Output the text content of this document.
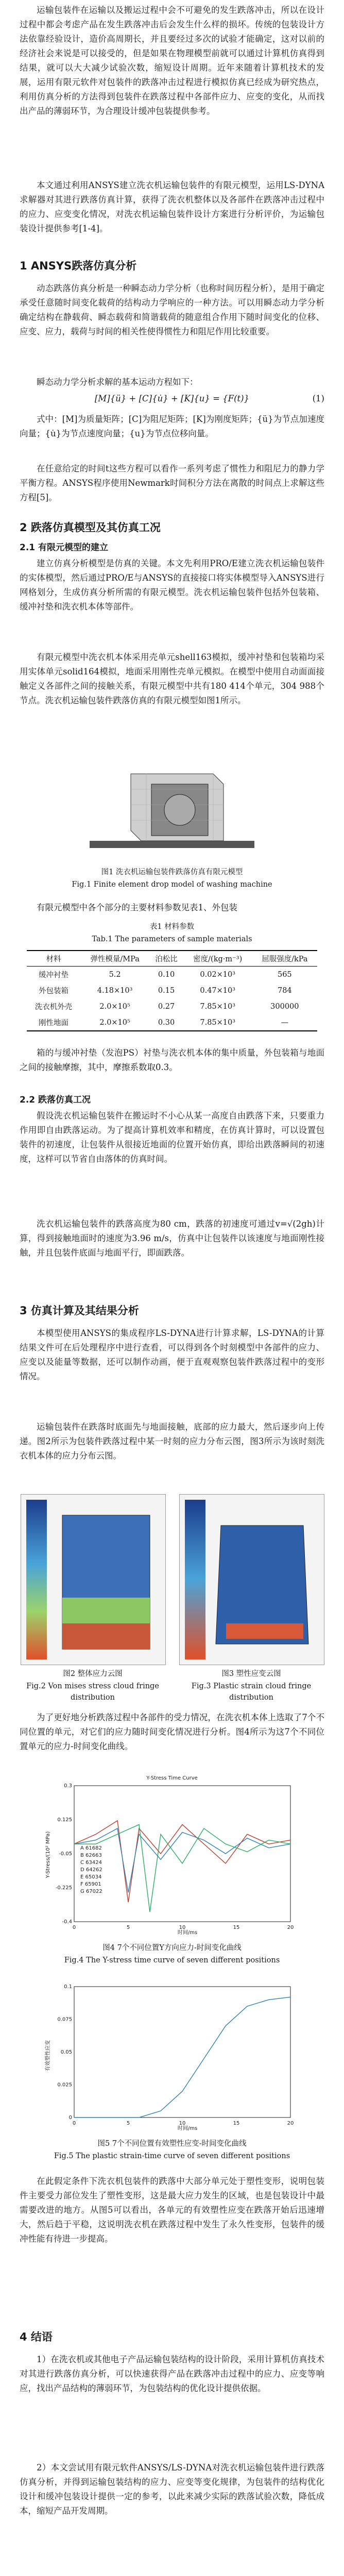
运输包装件在运输以及搬运过程中会不可避免的发生跌落冲击，所以在设计过程中都会考虑产品在发生跌落冲击后会发生什么样的损坏。传统的包装设计方法依靠经验设计，造价高周期长，并且要经过多次的试验才能确定，这对以前的经济社会来说是可以接受的，但是如果在物理模型前就可以通过计算机仿真得到结果，就可以大大减少试验次数，缩短设计周期。近年来随着计算机技术的发展，运用有限元软件对包装件的跌落冲击过程进行模拟仿真已经成为研究热点，利用仿真分析的方法得到包装件在跌落过程中各部件应力、应变的变化，从而找出产品的薄弱环节，为合理设计缓冲包装提供参考。

本文通过利用ANSYS建立洗衣机运输包装件的有限元模型，运用LS-DYNA求解器对其进行跌落仿真计算，获得了洗衣机整体以及各部件在跌落冲击过程中的应力、应变变化情况，对洗衣机运输包装件设计方案进行分析评价，为运输包装设计提供参考[1-4]。

1 ANSYS跌落仿真分析

动态跌落仿真分析是一种瞬态动力学分析（也称时间历程分析），是用于确定承受任意随时间变化载荷的结构动力学响应的一种方法。可以用瞬态动力学分析确定结构在静载荷、瞬态载荷和简谐载荷的随意组合作用下随时间变化的位移、应变、应力，载荷与时间的相关性使得惯性力和阻尼作用比较重要。

瞬态动力学分析求解的基本运动方程如下：

[M]{ü} + [C]{u̇} + [K]{u} = {F(t)}	(1)

式中：[M]为质量矩阵；[C]为阻尼矩阵；[K]为刚度矩阵；{ü}为节点加速度向量；{u̇}为节点速度向量；{u}为节点位移向量。

在任意给定的时间t这些方程可以看作一系列考虑了惯性力和阻尼力的静力学平衡方程。ANSYS程序使用Newmark时间积分方法在离散的时间点上求解这些方程[5]。

2 跌落仿真模型及其仿真工况
2.1 有限元模型的建立

建立仿真分析模型是仿真的关键。本文先利用PRO/E建立洗衣机运输包装件的实体模型，然后通过PRO/E与ANSYS的直接接口将实体模型导入ANSYS进行网格划分，生成仿真分析所需的有限元模型。洗衣机运输包装件包括外包装箱、缓冲衬垫和洗衣机本体等部件。

有限元模型中洗衣机本体采用壳单元shell163模拟，缓冲衬垫和包装箱均采用实体单元solid164模拟，地面采用刚性壳单元模拟。在模型中使用自动面面接触定义各部件之间的接触关系，有限元模型中共有180 414个单元，304 988个节点。洗衣机运输包装件跌落仿真的有限元模型如图1所示。

图1 洗衣机运输包装件跌落仿真有限元模型

Fig.1 Finite element drop model of washing machine

有限元模型中各个部分的主要材料参数见表1、外包装

表1 材料参数

Tab.1 The parameters of sample materials

材料	弹性模量/MPa	泊松比	密度/(kg·m⁻³)	屈服强度/kPa
缓冲衬垫	5.2	0.10	0.02×10³	565
外包装箱	4.18×10³	0.15	0.47×10³	784
洗衣机外壳	2.0×10⁵	0.27	7.85×10³	300000
刚性地面	2.0×10⁵	0.30	7.85×10³	—

箱的与缓冲衬垫（发泡PS）衬垫与洗衣机本体的集中质量，外包装箱与地面之间的接触摩擦，其中，摩擦系数取0.3。

2.2 跌落仿真工况

假设洗衣机运输包装件在搬运时不小心从某一高度自由跌落下来，只要重力作用即自由跌落运动。为了提高计算机效率和精度，在仿真计算时，可以设置包装件的初速度，让包装件从很接近地面的位置开始仿真，即给出跌落瞬间的初速度，这样可以节省自由落体的仿真时间。

洗衣机运输包装件的跌落高度为80 cm，跌落的初速度可通过v=√(2gh)计算，得到接触地面时的速度为3.96 m/s，仿真中让包装件以该速度与地面刚性接触，并且包装件底面与地面平行，即面跌落。

3 仿真计算及其结果分析

本模型使用ANSYS的集成程序LS-DYNA进行计算求解，LS-DYNA的计算结果文件可在后处理程序中进行查看，可以得到各个时刻模型中各部件的应力、应变以及能量等数据，还可以制作动画，便于直观观察包装件跌落过程中的变形情况。

运输包装件在跌落时底面先与地面接触，底部的应力最大，然后逐步向上传递。图2所示为包装件跌落过程中某一时刻的应力分布云图，图3所示为该时刻洗衣机本体的应力分布云图。

图2 整体应力云图

Fig.2 Von mises stress cloud fringe distribution

图3 塑性应变云图

Fig.3 Plastic strain cloud fringe distribution

为了更好地分析跌落过程中各部件的受力情况，在洗衣机本体上选取了7个不同位置的单元，对它们的应力随时间变化情况进行分析。图4所示为这7个不同位置单元的应力-时间变化曲线。

Y-Stress Time Curve
Y-Stress/(10² MPa)
时间/ms
A 61682
B 62663
C 63424
D 64262
E 65034
F 65901
G 67022
0
-0.4
5
-0.225
10
-0.05
15
0.125
20
0.3

图4 7个不同位置Y方向应力-时间变化曲线

Fig.4 The Y-stress time curve of seven different positions

有效塑性应变
时间/ms
0
0
5
0.025
10
0.05
15
0.075
20
0.1

图5 7个不同位置有效塑性应变-时间变化曲线

Fig.5 The plastic strain-time curve of seven different positions

在此假定条件下洗衣机包装件的跌落中大部分单元处于塑性变形，说明包装件主要受力部位发生了塑性变形，这是最大应力发生的区域，也是包装设计中最需要改进的地方。从图5可以看出，各单元的有效塑性应变在跌落开始后迅速增大，然后趋于平稳，这说明洗衣机在跌落过程中发生了永久性变形，包装件的缓冲性能有待进一步提高。

4 结语

1）在洗衣机或其他电子产品运输包装结构的设计阶段，采用计算机仿真技术对其进行跌落仿真分析，可以快速获得产品在跌落冲击过程中的应力、应变等响应，找出产品结构的薄弱环节，为包装结构的优化设计提供依据。

2）本文尝试用有限元软件ANSYS/LS-DYNA对洗衣机运输包装件进行跌落仿真分析，并得到运输包装结构的应力、应变等变化规律，为包装件的结构优化设计和缓冲包装设计提供一定的参考，以此来减少实际的跌落试验次数，降低成本，缩短产品开发周期。
